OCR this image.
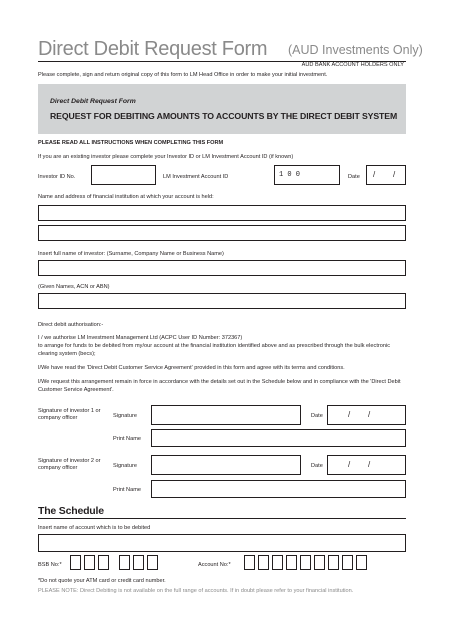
Direct Debit Request Form (AUD Investments Only)
AUD BANK ACCOUNT HOLDERS ONLY
Please complete, sign and return original copy of this form to LM Head Office in order to make your initial investment.
Direct Debit Request Form
REQUEST FOR DEBITING AMOUNTS TO ACCOUNTS BY THE DIRECT DEBIT SYSTEM
PLEASE READ ALL INSTRUCTIONS WHEN COMPLETING THIS FORM
If you are an existing investor please complete your Investor ID or LM Investment Account ID (if known)
Investor ID No.	LM Investment Account ID	1 0 0	Date /        /
Name and address of financial institution at which your account is held:
Insert full name of investor: (Surname, Company Name or Business Name)
(Given Names, ACN or ABN)
Direct debit authorisation:-
I / we authorise LM Investment Management Ltd (ACPC User ID Number: 372367)
to arrange for funds to be debited from my/our account at the financial institution identified above and as prescribed through the bulk electronic clearing system (becs);
I/We have read the 'Direct Debit Customer Service Agreement' provided in this form and agree with its terms and conditions.
I/We request this arrangement remain in force in accordance with the details set out in the Schedule below and in compliance with the 'Direct Debit Customer Service Agreement'.
Signature of investor 1 or company officer	Signature	Date	/        /
Print Name
Signature of investor 2 or company officer	Signature	Date	/        /
Print Name
The Schedule
Insert name of account which is to be debited
BSB No:*	Account No:*
*Do not quote your ATM card or credit card number.
PLEASE NOTE: Direct Debiting is not available on the full range of accounts. If in doubt please refer to your financial institution.
